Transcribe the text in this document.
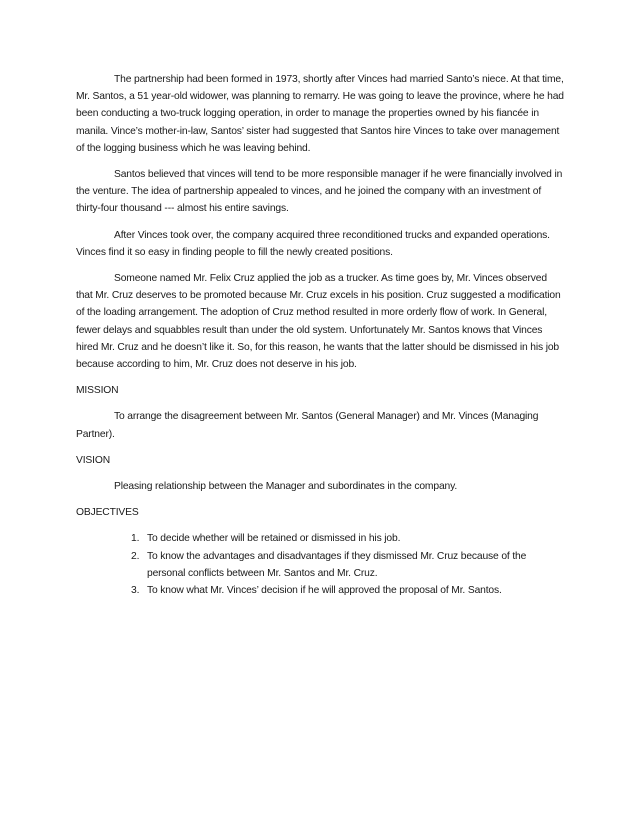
The partnership had been formed in 1973, shortly after Vinces had married Santo’s niece. At that time, Mr. Santos, a 51 year-old widower, was planning to remarry. He was going to leave the province, where he had been conducting a two-truck logging operation, in order to manage the properties owned by his fiancée in manila. Vince’s mother-in-law, Santos’ sister had suggested that Santos hire Vinces to take over management of the logging business which he was leaving behind.

Santos believed that vinces will tend to be more responsible manager if he were financially involved in the venture. The idea of partnership appealed to vinces, and he joined the company with an investment of thirty-four thousand --- almost his entire savings.

After Vinces took over, the company acquired three reconditioned trucks and expanded operations. Vinces find it so easy in finding people to fill the newly created positions.

Someone named Mr. Felix Cruz applied the job as a trucker. As time goes by, Mr. Vinces observed that Mr. Cruz deserves to be promoted because Mr. Cruz excels in his position. Cruz suggested a modification of the loading arrangement. The adoption of Cruz method resulted in more orderly flow of work. In General, fewer delays and squabbles result than under the old system. Unfortunately Mr. Santos knows that Vinces hired Mr. Cruz and he doesn’t like it. So, for this reason, he wants that the latter should be dismissed in his job because according to him, Mr. Cruz does not deserve in his job.

MISSION

To arrange the disagreement between Mr. Santos (General Manager) and Mr. Vinces (Managing Partner).

VISION

Pleasing relationship between the Manager and subordinates in the company.

OBJECTIVES

1. To decide whether will be retained or dismissed in his job.
2. To know the advantages and disadvantages if they dismissed Mr. Cruz because of the personal conflicts between Mr. Santos and Mr. Cruz.
3. To know what Mr. Vinces’ decision if he will approved the proposal of Mr. Santos.
